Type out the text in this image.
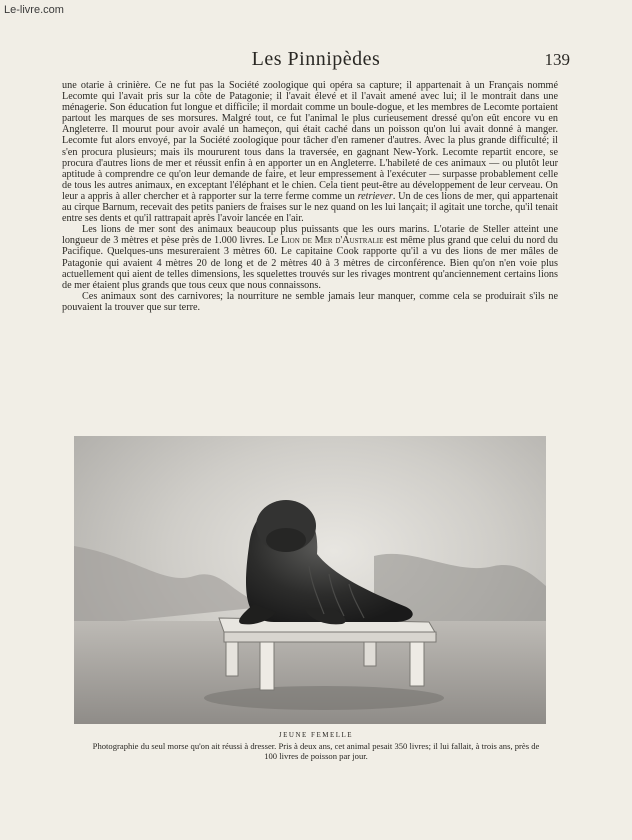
Le-livre.com
Les Pinnipèdes	139

une otarie à crinière. Ce ne fut pas la Société zoologique qui opéra sa capture; il appartenait à un Français nommé Lecomte qui l'avait pris sur la côte de Patagonie; il l'avait élevé et il l'avait amené avec lui; il le montrait dans une ménagerie. Son éducation fut longue et difficile; il mordait comme un boule-dogue, et les membres de Lecomte portaient partout les marques de ses morsures. Malgré tout, ce fut l'animal le plus curieusement dressé qu'on eût encore vu en Angleterre. Il mourut pour avoir avalé un hameçon, qui était caché dans un poisson qu'on lui avait donné à manger. Lecomte fut alors envoyé, par la Société zoologique pour tâcher d'en ramener d'autres. Avec la plus grande difficulté; il s'en procura plusieurs; mais ils moururent tous dans la traversée, en gagnant New-York. Lecomte repartit encore, se procura d'autres lions de mer et réussit enfin à en apporter un en Angleterre. L'habileté de ces animaux — ou plutôt leur aptitude à comprendre ce qu'on leur demande de faire, et leur empressement à l'exécuter — surpasse probablement celle de tous les autres animaux, en exceptant l'éléphant et le chien. Cela tient peut-être au développement de leur cerveau. On leur a appris à aller chercher et à rapporter sur la terre ferme comme un retriever. Un de ces lions de mer, qui appartenait au cirque Barnum, recevait des petits paniers de fraises sur le nez quand on les lui lançait; il agitait une torche, qu'il tenait entre ses dents et qu'il rattrapait après l'avoir lancée en l'air.

Les lions de mer sont des animaux beaucoup plus puissants que les ours marins. L'otarie de Steller atteint une longueur de 3 mètres et pèse près de 1.000 livres. Le Lion de Mer d'Australie est même plus grand que celui du nord du Pacifique. Quelques-uns mesureraient 3 mètres 60. Le capitaine Cook rapporte qu'il a vu des lions de mer mâles de Patagonie qui avaient 4 mètres 20 de long et de 2 mètres 40 à 3 mètres de circonférence. Bien qu'on n'en voie plus actuellement qui aient de telles dimensions, les squelettes trouvés sur les rivages montrent qu'anciennement certains lions de mer étaient plus grands que tous ceux que nous connaissons.

Ces animaux sont des carnivores; la nourriture ne semble jamais leur manquer, comme cela se produirait s'ils ne pouvaient la trouver que sur terre.

JEUNE FEMELLE
Photographie du seul morse qu'on ait réussi à dresser. Pris à deux ans, cet animal pesait 350 livres; il lui fallait, à trois ans, près de 100 livres de poisson par jour.
